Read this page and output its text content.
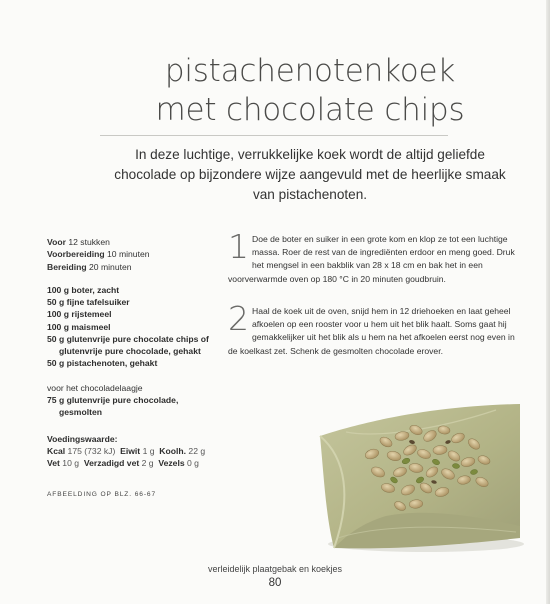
pistachenotenkoek
met chocolate chips
In deze luchtige, verrukkelijke koek wordt de altijd geliefde chocolade op bijzondere wijze aangevuld met de heerlijke smaak van pistachenoten.
Voor 12 stukken
Voorbereiding 10 minuten
Bereiding 20 minuten
100 g boter, zacht
50 g fijne tafelsuiker
100 g rijstemeel
100 g maismeel
50 g glutenvrije pure chocolate chips of
glutenvrije pure chocolade, gehakt
50 g pistachenoten, gehakt
voor het chocoladelaagje
75 g glutenvrije pure chocolade,
gesmolten
Voedingswaarde:
Kcal 175 (732 kJ) Eiwit 1 g Koolh. 22 g
Vet 10 g Verzadigd vet 2 g Vezels 0 g
AFBEELDING OP BLZ. 66-67
1 Doe de boter en suiker in een grote kom en klop ze tot een luchtige massa. Roer de rest van de ingrediënten erdoor en meng goed. Druk het mengsel in een bakblik van 28 x 18 cm en bak het in een voorverwarmde oven op 180 °C in 20 minuten goudbruin.
2 Haal de koek uit de oven, snijd hem in 12 driehoeken en laat geheel afkoelen op een rooster voor u hem uit het blik haalt. Soms gaat hij gemakkelijker uit het blik als u hem na het afkoelen eerst nog even in de koelkast zet. Schenk de gesmolten chocolade erover.
verleidelijk plaatgebak en koekjes
80
